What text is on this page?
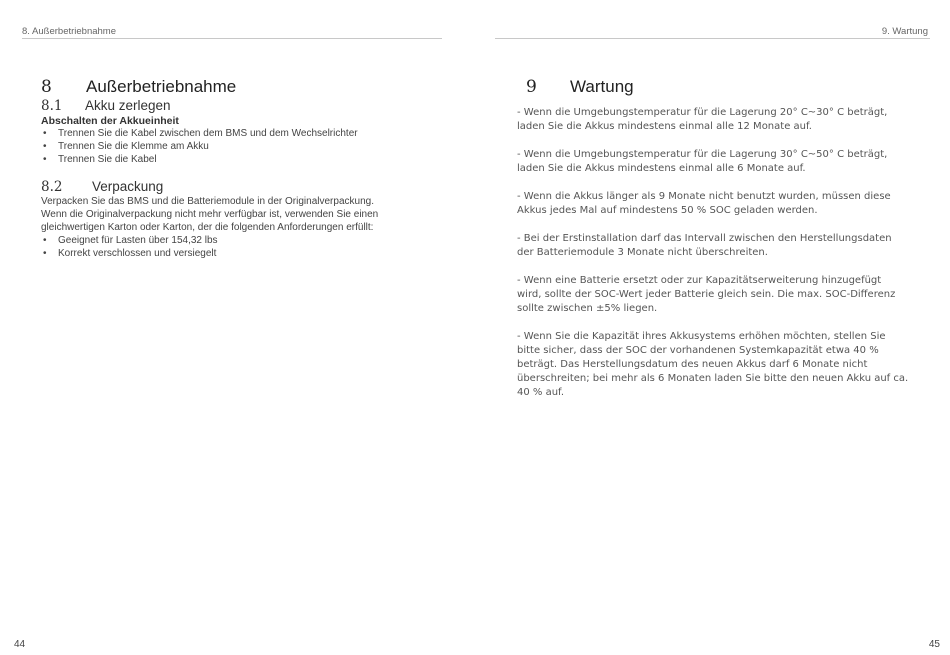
8. Außerbetriebnahme
8 Außerbetriebnahme
8.1 Akku zerlegen
Abschalten der Akkueinheit
• Trennen Sie die Kabel zwischen dem BMS und dem Wechselrichter
• Trennen Sie die Klemme am Akku
• Trennen Sie die Kabel
8.2 Verpackung
Verpacken Sie das BMS und die Batteriemodule in der Originalverpackung.
Wenn die Originalverpackung nicht mehr verfügbar ist, verwenden Sie einen
gleichwertigen Karton oder Karton, der die folgenden Anforderungen erfüllt:
• Geeignet für Lasten über 154,32 lbs
• Korrekt verschlossen und versiegelt
44
9. Wartung
9 Wartung
- Wenn die Umgebungstemperatur für die Lagerung 20° C~30° C beträgt,
laden Sie die Akkus mindestens einmal alle 12 Monate auf.
- Wenn die Umgebungstemperatur für die Lagerung 30° C~50° C beträgt,
laden Sie die Akkus mindestens einmal alle 6 Monate auf.
- Wenn die Akkus länger als 9 Monate nicht benutzt wurden, müssen diese
Akkus jedes Mal auf mindestens 50 % SOC geladen werden.
- Bei der Erstinstallation darf das Intervall zwischen den Herstellungsdaten
der Batteriemodule 3 Monate nicht überschreiten.
- Wenn eine Batterie ersetzt oder zur Kapazitätserweiterung hinzugefügt
wird, sollte der SOC-Wert jeder Batterie gleich sein. Die max. SOC-Differenz
sollte zwischen ±5% liegen.
- Wenn Sie die Kapazität ihres Akkusystems erhöhen möchten, stellen Sie
bitte sicher, dass der SOC der vorhandenen Systemkapazität etwa 40 %
beträgt. Das Herstellungsdatum des neuen Akkus darf 6 Monate nicht
überschreiten; bei mehr als 6 Monaten laden Sie bitte den neuen Akku auf ca.
40 % auf.
45
